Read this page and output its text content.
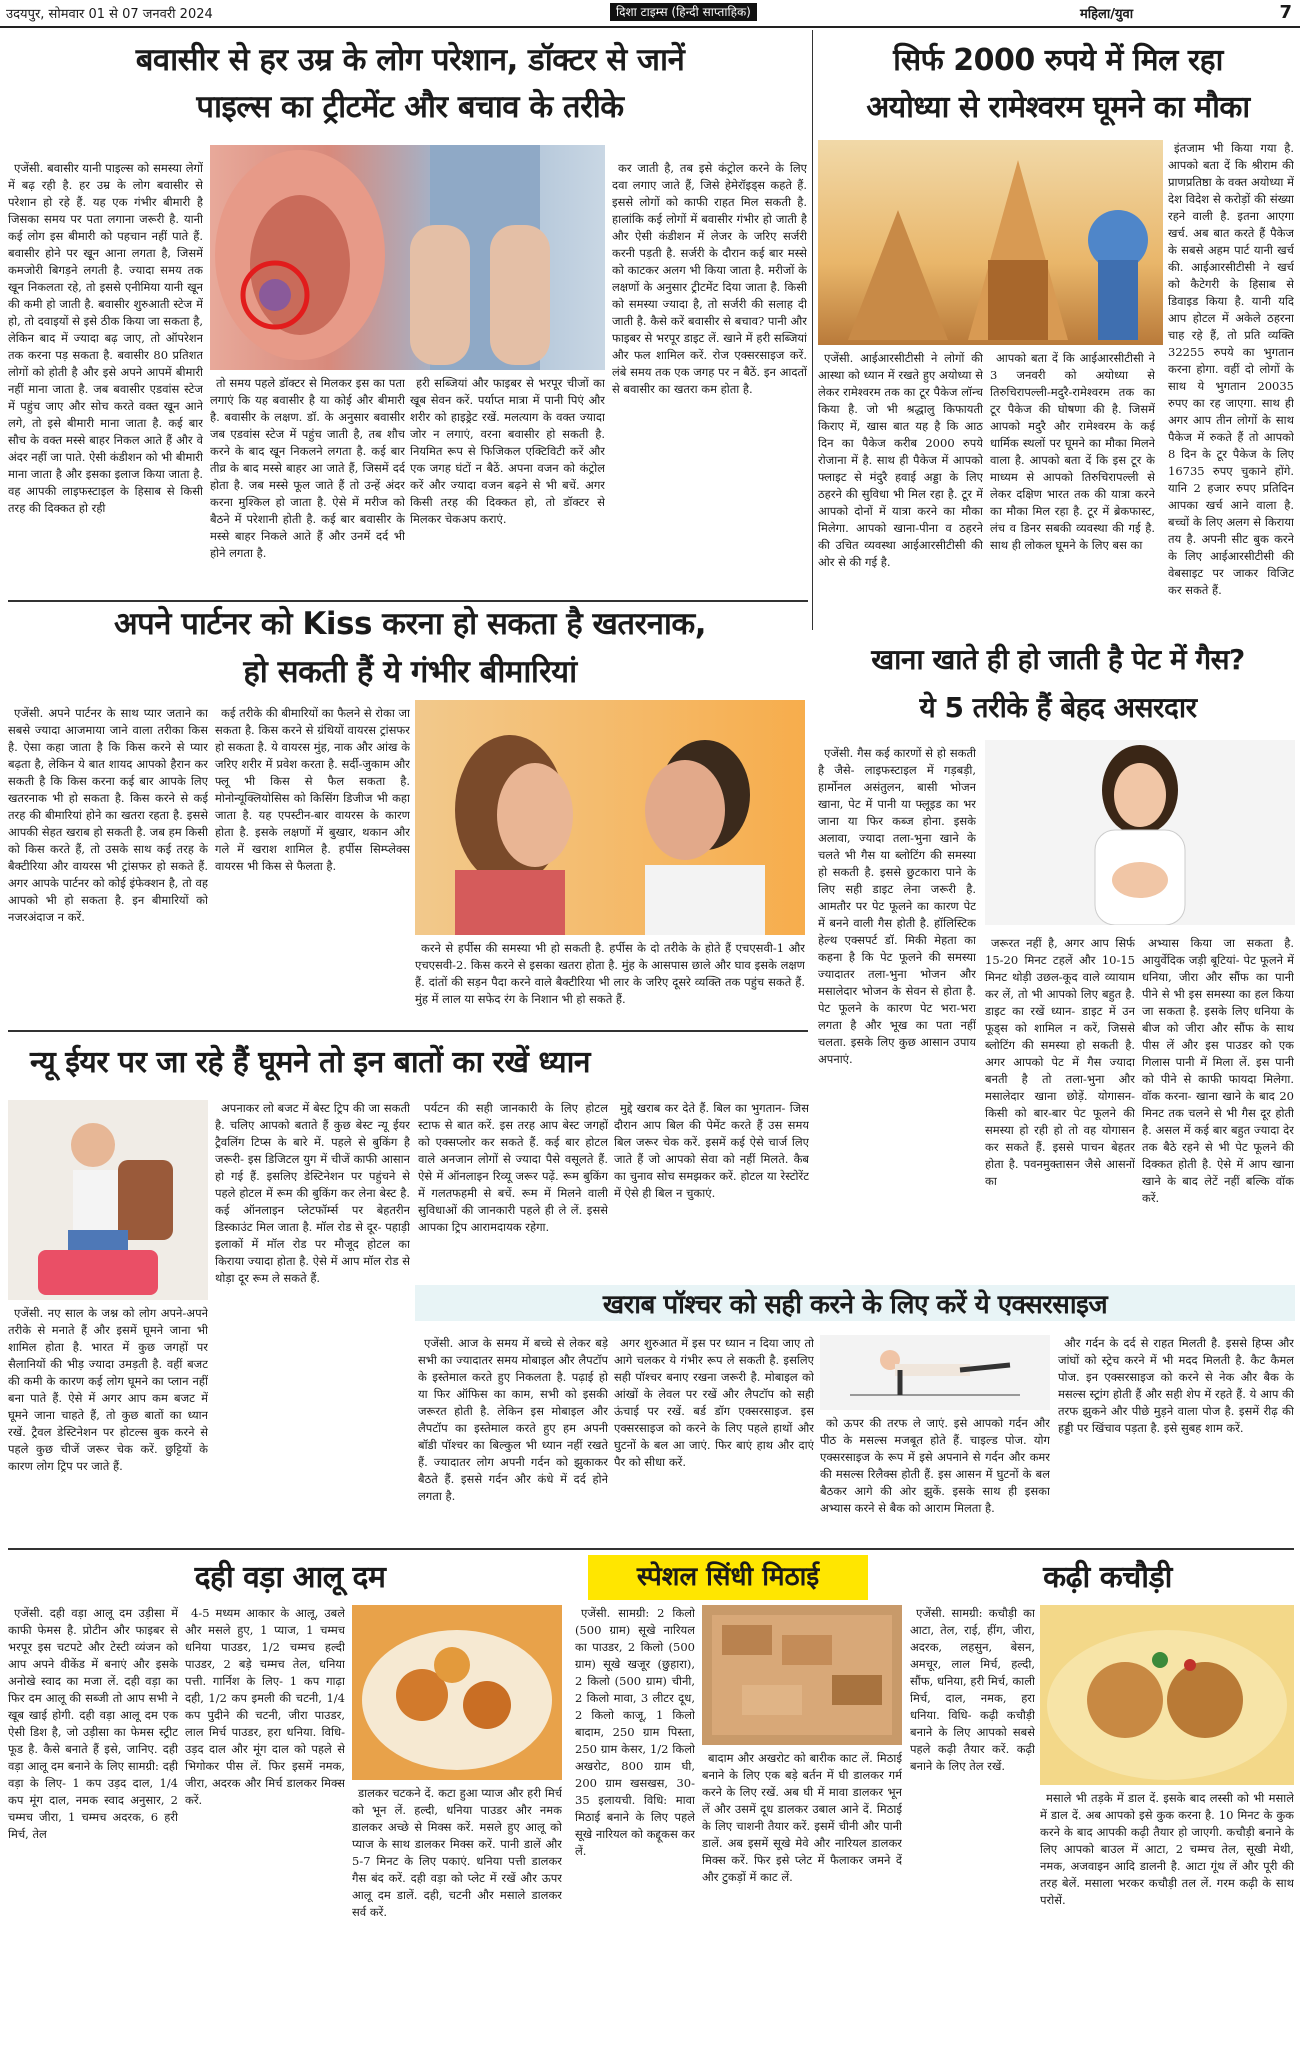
उदयपुर, सोमवार 01 से 07 जनवरी 2024	दिशा टाइम्स (हिन्दी साप्ताहिक)	महिला/युवा	7
बवासीर से हर उम्र के लोग परेशान, डॉक्टर से जानें
पाइल्स का ट्रीटमेंट और बचाव के तरीके

एजेंसी. बवासीर यानी पाइल्स को समस्या लेगों में बढ़ रही है. हर उम्र के लोग बवासीर से परेशान हो रहे हैं. यह एक गंभीर बीमारी है जिसका समय पर पता लगाना जरूरी है. यानी कई लोग इस बीमारी को पहचान नहीं पाते हैं. बवासीर होने पर खून आना लगता है, जिसमें कमजोरी बिगड़ने लगती है. ज्यादा समय तक खून निकलता रहे, तो इससे एनीमिया यानी खून की कमी हो जाती है. बवासीर शुरुआती स्टेज में हो, तो दवाइयों से इसे ठीक किया जा सकता है, लेकिन बाद में ज्यादा बढ़ जाए, तो ऑपरेशन तक करना पड़ सकता है. बवासीर 80 प्रतिशत लोगों को होती है और इसे अपने आपमें बीमारी नहीं माना जाता है. जब बवासीर एडवांस स्टेज में पहुंच जाए और सोच करते वक्त खून आने लगे, तो इसे बीमारी माना जाता है. कई बार सौच के वक्त मस्से बाहर निकल आते हैं और वे अंदर नहीं जा पाते. ऐसी कंडीशन को भी बीमारी माना जाता है और इसका इलाज किया जाता है. वह आपकी लाइफस्टाइल के हिसाब से किसी तरह की दिक्कत हो रही

तो समय पहले डॉक्टर से मिलकर इस का पता लगाएं कि यह बवासीर है या कोई और बीमारी है. बवासीर के लक्षण. डॉ. के अनुसार बवासीर जब एडवांस स्टेज में पहुंच जाती है, तब शौच करने के बाद खून निकलने लगता है. कई बार तीव्र के बाद मस्से बाहर आ जाते हैं, जिसमें दर्द होता है. जब मस्से फूल जाते हैं तो उन्हें अंदर करना मुश्किल हो जाता है. ऐसे में मरीज को बैठने में परेशानी होती है. कई बार बवासीर के मस्से बाहर निकले आते हैं और उनमें दर्द भी होने लगता है.

हरी सब्जियां और फाइबर से भरपूर चीजों का खूब सेवन करें. पर्याप्त मात्रा में पानी पिएं और शरीर को हाइड्रेट रखें. मलत्याग के वक्त ज्यादा जोर न लगाएं, वरना बवासीर हो सकती है. नियमित रूप से फिजिकल एक्टिविटी करें और एक जगह घंटों न बैठें. अपना वजन को कंट्रोल करें और ज्यादा वजन बढ़ने से भी बचें. अगर किसी तरह की दिक्कत हो, तो डॉक्टर से मिलकर चेकअप कराएं.

कर जाती है, तब इसे कंट्रोल करने के लिए दवा लगाए जाते हैं, जिसे हेमेरॉइड्स कहते हैं. इससे लोगों को काफी राहत मिल सकती है. हालांकि कई लोगों में बवासीर गंभीर हो जाती है और ऐसी कंडीशन में लेजर के जरिए सर्जरी करनी पड़ती है. सर्जरी के दौरान कई बार मस्से को काटकर अलग भी किया जाता है. मरीजों के लक्षणों के अनुसार ट्रीटमेंट दिया जाता है. किसी को समस्या ज्यादा है, तो सर्जरी की सलाह दी जाती है. कैसे करें बवासीर से बचाव? पानी और फाइबर से भरपूर डाइट लें. खाने में हरी सब्जियां और फल शामिल करें. रोज एक्सरसाइज करें. लंबे समय तक एक जगह पर न बैठें. इन आदतों से बवासीर का खतरा कम होता है.

सिर्फ 2000 रुपये में मिल रहा
अयोध्या से रामेश्वरम घूमने का मौका

एजेंसी. आईआरसीटीसी ने लोगों की आस्था को ध्यान में रखते हुए अयोध्या से लेकर रामेश्वरम तक का टूर पैकेज लॉन्च किया है. जो भी श्रद्धालु किफायती किराए में, खास बात यह है कि आठ दिन का पैकेज करीब 2000 रुपये रोजाना में है. साथ ही पैकेज में आपको फ्लाइट से मंदुरै हवाई अड्डा के लिए ठहरने की सुविधा भी मिल रहा है. टूर में आपको दोनों में यात्रा करने का मौका मिलेगा. आपको खाना-पीना व ठहरने की उचित व्यवस्था आईआरसीटीसी की ओर से की गई है.

आपको बता दें कि आईआरसीटीसी ने 3 जनवरी को अयोध्या से तिरुचिरापल्ली-मदुरै-रामेश्वरम तक का टूर पैकेज की घोषणा की है. जिसमें आपको मदुरै और रामेश्वरम के कई धार्मिक स्थलों पर घूमने का मौका मिलने वाला है. आपको बता दें कि इस टूर के माध्यम से आपको तिरुचिरापल्ली से लेकर दक्षिण भारत तक की यात्रा करने का मौका मिल रहा है. टूर में ब्रेकफास्ट, लंच व डिनर सबकी व्यवस्था की गई है. साथ ही लोकल घूमने के लिए बस का

इंतजाम भी किया गया है. आपको बता दें कि श्रीराम की प्राणप्रतिष्ठा के वक्त अयोध्या में देश विदेश से करोड़ों की संख्या रहने वाली है. इतना आएगा खर्च. अब बात करते हैं पैकेज के सबसे अहम पार्ट यानी खर्च की. आईआरसीटीसी ने खर्च को कैटेगरी के हिसाब से डिवाइड किया है. यानी यदि आप होटल में अकेले ठहरना चाह रहे हैं, तो प्रति व्यक्ति 32255 रुपये का भुगतान करना होगा. वहीं दो लोगों के साथ ये भुगतान 20035 रुपए का रह जाएगा. साथ ही अगर आप तीन लोगों के साथ पैकेज में रुकते हैं तो आपको 8 दिन के टूर पैकेज के लिए 16735 रुपए चुकाने होंगे. यानि 2 हजार रुपए प्रतिदिन आपका खर्च आने वाला है. बच्चों के लिए अलग से किराया तय है. अपनी सीट बुक करने के लिए आईआरसीटीसी की वेबसाइट पर जाकर विजिट कर सकते हैं.

अपने पार्टनर को Kiss करना हो सकता है खतरनाक,
हो सकती हैं ये गंभीर बीमारियां

एजेंसी. अपने पार्टनर के साथ प्यार जताने का सबसे ज्यादा आजमाया जाने वाला तरीका किस है. ऐसा कहा जाता है कि किस करने से प्यार बढ़ता है, लेकिन ये बात शायद आपको हैरान कर सकती है कि किस करना कई बार आपके लिए खतरनाक भी हो सकता है. किस करने से कई तरह की बीमारियां होने का खतरा रहता है. इससे आपकी सेहत खराब हो सकती है. जब हम किसी को किस करते हैं, तो उसके साथ कई तरह के बैक्टीरिया और वायरस भी ट्रांसफर हो सकते हैं. अगर आपके पार्टनर को कोई इंफेक्शन है, तो वह आपको भी हो सकता है. इन बीमारियों को नजरअंदाज न करें.

कई तरीके की बीमारियों का फैलने से रोका जा सकता है. किस करने से ग्रंथियों वायरस ट्रांसफर हो सकता है. ये वायरस मुंह, नाक और आंख के जरिए शरीर में प्रवेश करता है. सर्दी-जुकाम और फ्लू भी किस से फैल सकता है. मोनोन्यूक्लियोसिस को किसिंग डिजीज भी कहा जाता है. यह एपस्टीन-बार वायरस के कारण होता है. इसके लक्षणों में बुखार, थकान और गले में खराश शामिल है. हर्पीस सिम्प्लेक्स वायरस भी किस से फैलता है.

करने से हर्पीस की समस्या भी हो सकती है. हर्पीस के दो तरीके के होते हैं एचएसवी-1 और एचएसवी-2. किस करने से इसका खतरा होता है. मुंह के आसपास छाले और घाव इसके लक्षण हैं. दांतों की सड़न पैदा करने वाले बैक्टीरिया भी लार के जरिए दूसरे व्यक्ति तक पहुंच सकते हैं. मुंह में लाल या सफेद रंग के निशान भी हो सकते हैं.

खाना खाते ही हो जाती है पेट में गैस?
ये 5 तरीके हैं बेहद असरदार

एजेंसी. गैस कई कारणों से हो सकती है जैसे- लाइफस्टाइल में गड़बड़ी, हार्मोनल असंतुलन, बासी भोजन खाना, पेट में पानी या फ्लूइड का भर जाना या फिर कब्ज होना. इसके अलावा, ज्यादा तला-भुना खाने के चलते भी गैस या ब्लोटिंग की समस्या हो सकती है. इससे छुटकारा पाने के लिए सही डाइट लेना जरूरी है. आमतौर पर पेट फूलने का कारण पेट में बनने वाली गैस होती है. हॉलिस्टिक हेल्थ एक्सपर्ट डॉ. मिकी मेहता का कहना है कि पेट फूलने की समस्या ज्यादातर तला-भुना भोजन और मसालेदार भोजन के सेवन से होता है. पेट फूलने के कारण पेट भरा-भरा लगता है और भूख का पता नहीं चलता. इसके लिए कुछ आसान उपाय अपनाएं.

जरूरत नहीं है, अगर आप सिर्फ 15-20 मिनट टहलें और 10-15 मिनट थोड़ी उछल-कूद वाले व्यायाम कर लें, तो भी आपको लिए बहुत है. डाइट का रखें ध्यान- डाइट में उन फूड्स को शामिल न करें, जिससे ब्लोटिंग की समस्या हो सकती है. अगर आपको पेट में गैस ज्यादा बनती है तो तला-भुना और मसालेदार खाना छोड़ें. योगासन- किसी को बार-बार पेट फूलने की समस्या हो रही हो तो वह योगासन कर सकते हैं. इससे पाचन बेहतर होता है. पवनमुक्तासन जैसे आसनों का

अभ्यास किया जा सकता है. आयुर्वेदिक जड़ी बूटियां- पेट फूलने में धनिया, जीरा और सौंफ का पानी पीने से भी इस समस्या का हल किया जा सकता है. इसके लिए धनिया के बीज को जीरा और सौंफ के साथ पीस लें और इस पाउडर को एक गिलास पानी में मिला लें. इस पानी को पीने से काफी फायदा मिलेगा. वॉक करना- खाना खाने के बाद 20 मिनट तक चलने से भी गैस दूर होती है. असल में कई बार बहुत ज्यादा देर तक बैठे रहने से भी पेट फूलने की दिक्कत होती है. ऐसे में आप खाना खाने के बाद लेटें नहीं बल्कि वॉक करें.

न्यू ईयर पर जा रहे हैं घूमने तो इन बातों का रखें ध्यान

एजेंसी. नए साल के जश्न को लोग अपने-अपने तरीके से मनाते हैं और इसमें घूमने जाना भी शामिल होता है. भारत में कुछ जगहों पर सैलानियों की भीड़ ज्यादा उमड़ती है. वहीं बजट की कमी के कारण कई लोग घूमने का प्लान नहीं बना पाते हैं. ऐसे में अगर आप कम बजट में घूमने जाना चाहते हैं, तो कुछ बातों का ध्यान रखें. ट्रैवल डेस्टिनेशन पर होटल्स बुक करने से पहले कुछ चीजें जरूर चेक करें. छुट्टियों के कारण लोग ट्रिप पर जाते हैं.

अपनाकर लो बजट में बेस्ट ट्रिप की जा सकती है. चलिए आपको बताते हैं कुछ बेस्ट न्यू ईयर ट्रैवलिंग टिप्स के बारे में. पहले से बुकिंग है जरूरी- इस डिजिटल युग में चीजें काफी आसान हो गई हैं. इसलिए डेस्टिनेशन पर पहुंचने से पहले होटल में रूम की बुकिंग कर लेना बेस्ट है. कई ऑनलाइन प्लेटफॉर्म्स पर बेहतरीन डिस्काउंट मिल जाता है. मॉल रोड से दूर- पहाड़ी इलाकों में मॉल रोड पर मौजूद होटल का किराया ज्यादा होता है. ऐसे में आप मॉल रोड से थोड़ा दूर रूम ले सकते हैं.

पर्यटन की सही जानकारी के लिए होटल स्टाफ से बात करें. इस तरह आप बेस्ट जगहों को एक्सप्लोर कर सकते हैं. कई बार होटल वाले अनजान लोगों से ज्यादा पैसे वसूलते हैं. ऐसे में ऑनलाइन रिव्यू जरूर पढ़ें. रूम बुकिंग में गलतफहमी से बचें. रूम में मिलने वाली सुविधाओं की जानकारी पहले ही ले लें. इससे आपका ट्रिप आरामदायक रहेगा.

मुद्दे खराब कर देते हैं. बिल का भुगतान- जिस दौरान आप बिल की पेमेंट करते हैं उस समय बिल जरूर चेक करें. इसमें कई ऐसे चार्ज लिए जाते हैं जो आपको सेवा को नहीं मिलते. कैब का चुनाव सोच समझकर करें. होटल या रेस्टोरेंट में ऐसे ही बिल न चुकाएं.

खराब पॉश्चर को सही करने के लिए करें ये एक्सरसाइज

एजेंसी. आज के समय में बच्चे से लेकर बड़े सभी का ज्यादातर समय मोबाइल और लैपटॉप के इस्तेमाल करते हुए निकलता है. पढ़ाई हो या फिर ऑफिस का काम, सभी को इसकी जरूरत होती है. लेकिन इस मोबाइल और लैपटॉप का इस्तेमाल करते हुए हम अपनी बॉडी पॉश्चर का बिल्कुल भी ध्यान नहीं रखते हैं. ज्यादातर लोग अपनी गर्दन को झुकाकर बैठते हैं. इससे गर्दन और कंधे में दर्द होने लगता है.

अगर शुरुआत में इस पर ध्यान न दिया जाए तो आगे चलकर ये गंभीर रूप ले सकती है. इसलिए सही पॉश्चर बनाए रखना जरूरी है. मोबाइल को आंखों के लेवल पर रखें और लैपटॉप को सही ऊंचाई पर रखें. बर्ड डॉग एक्सरसाइज. इस एक्सरसाइज को करने के लिए पहले हाथों और घुटनों के बल आ जाएं. फिर बाएं हाथ और दाएं पैर को सीधा करें.

को ऊपर की तरफ ले जाएं. इसे आपको गर्दन और पीठ के मसल्स मजबूत होते हैं. चाइल्ड पोज. योग एक्सरसाइज के रूप में इसे अपनाने से गर्दन और कमर की मसल्स रिलैक्स होती हैं. इस आसन में घुटनों के बल बैठकर आगे की ओर झुकें. इसके साथ ही इसका अभ्यास करने से बैक को आराम मिलता है.

और गर्दन के दर्द से राहत मिलती है. इससे हिप्स और जांघों को स्ट्रेच करने में भी मदद मिलती है. कैट कैमल पोज. इन एक्सरसाइज को करने से नेक और बैक के मसल्स स्ट्रांग होती हैं और सही शेप में रहते हैं. ये आप की तरफ झुकने और पीछे मुड़ने वाला पोज है. इसमें रीढ़ की हड्डी पर खिंचाव पड़ता है. इसे सुबह शाम करें.

दही वड़ा आलू दम

एजेंसी. दही वड़ा आलू दम उड़ीसा में काफी फेमस है. प्रोटीन और फाइबर से भरपूर इस चटपटे और टेस्टी व्यंजन को आप अपने वीकेंड में बनाएं और इसके अनोखे स्वाद का मजा लें. दही वड़ा का फिर दम आलू की सब्जी तो आप सभी ने खूब खाई होगी. दही वड़ा आलू दम एक ऐसी डिश है, जो उड़ीसा का फेमस स्ट्रीट फूड है. कैसे बनाते हैं इसे, जानिए. दही वड़ा आलू दम बनाने के लिए सामग्री: दही वड़ा के लिए- 1 कप उड़द दाल, 1/4 कप मूंग दाल, नमक स्वाद अनुसार, 2 चम्मच जीरा, 1 चम्मच अदरक, 6 हरी मिर्च, तेल

4-5 मध्यम आकार के आलू, उबले और मसले हुए, 1 प्याज, 1 चम्मच धनिया पाउडर, 1/2 चम्मच हल्दी पाउडर, 2 बड़े चम्मच तेल, धनिया पत्ती. गार्निश के लिए- 1 कप गाढ़ा दही, 1/2 कप इमली की चटनी, 1/4 कप पुदीने की चटनी, जीरा पाउडर, लाल मिर्च पाउडर, हरा धनिया. विधि- उड़द दाल और मूंग दाल को पहले से भिगोकर पीस लें. फिर इसमें नमक, जीरा, अदरक और मिर्च डालकर मिक्स करें.	डालकर चटकने दें. कटा हुआ प्याज और हरी मिर्च को भून लें. हल्दी, धनिया पाउडर और नमक डालकर अच्छे से मिक्स करें. मसले हुए आलू को प्याज के साथ डालकर मिक्स करें. पानी डालें और 5-7 मिनट के लिए पकाएं. धनिया पत्ती डालकर गैस बंद करें. दही वड़ा को प्लेट में रखें और ऊपर आलू दम डालें. दही, चटनी और मसाले डालकर सर्व करें.

स्पेशल सिंधी मिठाई

एजेंसी. सामग्री: 2 किलो (500 ग्राम) सूखे नारियल का पाउडर, 2 किलो (500 ग्राम) सूखे खजूर (छुहारा), 2 किलो (500 ग्राम) चीनी, 2 किलो मावा, 3 लीटर दूध, 2 किलो काजू, 1 किलो बादाम, 250 ग्राम पिस्ता, 250 ग्राम केसर, 1/2 किलो अखरोट, 800 ग्राम घी, 200 ग्राम खसखस, 30-35 इलायची. विधि: मावा मिठाई बनाने के लिए पहले सूखे नारियल को कद्दूकस कर लें.

बादाम और अखरोट को बारीक काट लें. मिठाई बनाने के लिए एक बड़े बर्तन में घी डालकर गर्म करने के लिए रखें. अब घी में मावा डालकर भून लें और उसमें दूध डालकर उबाल आने दें. मिठाई के लिए चाशनी तैयार करें. इसमें चीनी और पानी डालें. अब इसमें सूखे मेवे और नारियल डालकर मिक्स करें. फिर इसे प्लेट में फैलाकर जमने दें और टुकड़ों में काट लें.

कढ़ी कचौड़ी

एजेंसी. सामग्री: कचौड़ी का आटा, तेल, राई, हींग, जीरा, अदरक, लहसुन, बेसन, अमचूर, लाल मिर्च, हल्दी, सौंफ, धनिया, हरी मिर्च, काली मिर्च, दाल, नमक, हरा धनिया. विधि- कढ़ी कचौड़ी बनाने के लिए आपको सबसे पहले कढ़ी तैयार करें. कढ़ी बनाने के लिए तेल रखें.

मसाले भी तड़के में डाल दें. इसके बाद लस्सी को भी मसाले में डाल दें. अब आपको इसे कुक करना है. 10 मिनट के कुक करने के बाद आपकी कढ़ी तैयार हो जाएगी. कचौड़ी बनाने के लिए आपको बाउल में आटा, 2 चम्मच तेल, सूखी मेथी, नमक, अजवाइन आदि डालनी है. आटा गूंथ लें और पूरी की तरह बेलें. मसाला भरकर कचौड़ी तल लें. गरम कढ़ी के साथ परोसें.
